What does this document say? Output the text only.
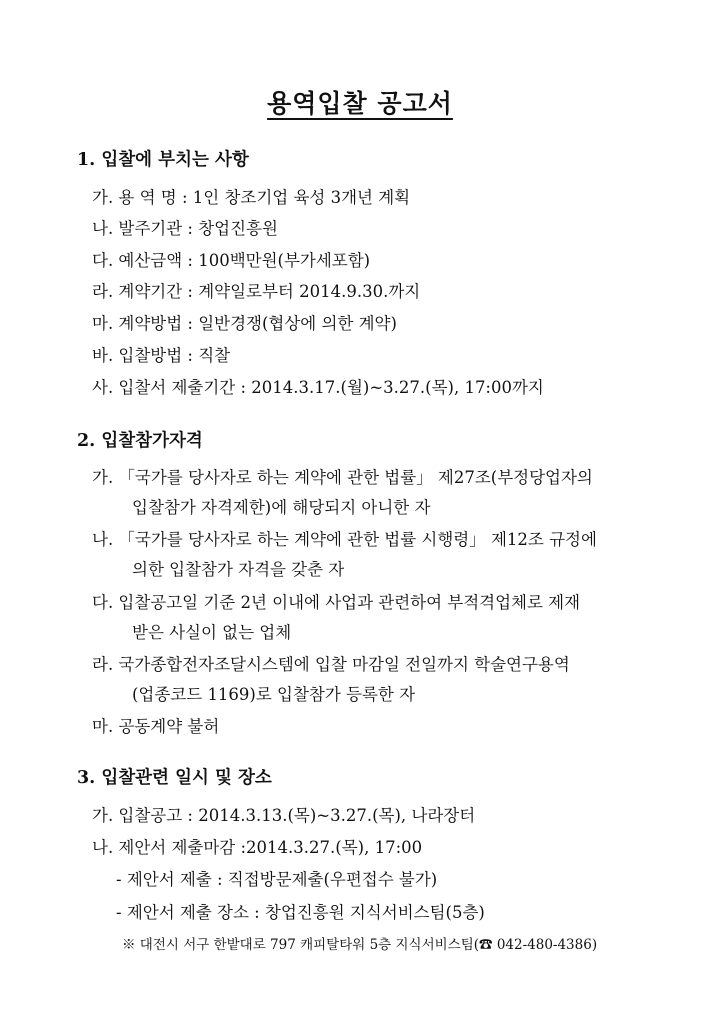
용역입찰 공고서
1. 입찰에 부치는 사항
가. 용 역 명 : 1인 창조기업 육성 3개년 계획
나. 발주기관 : 창업진흥원
다. 예산금액 : 100백만원(부가세포함)
라. 계약기간 : 계약일로부터 2014.9.30.까지
마. 계약방법 : 일반경쟁(협상에 의한 계약)
바. 입찰방법 : 직찰
사. 입찰서 제출기간 : 2014.3.17.(월)~3.27.(목), 17:00까지
2. 입찰참가자격
가. 「국가를 당사자로 하는 계약에 관한 법률」 제27조(부정당업자의
입찰참가 자격제한)에 해당되지 아니한 자
나. 「국가를 당사자로 하는 계약에 관한 법률 시행령」 제12조 규정에
의한 입찰참가 자격을 갖춘 자
다. 입찰공고일 기준 2년 이내에 사업과 관련하여 부적격업체로 제재
받은 사실이 없는 업체
라. 국가종합전자조달시스템에 입찰 마감일 전일까지 학술연구용역
(업종코드 1169)로 입찰참가 등록한 자
마. 공동계약 불허
3. 입찰관련 일시 및 장소
가. 입찰공고 : 2014.3.13.(목)~3.27.(목), 나라장터
나. 제안서 제출마감 :2014.3.27.(목), 17:00
- 제안서 제출 : 직접방문제출(우편접수 불가)
- 제안서 제출 장소 : 창업진흥원 지식서비스팀(5층)
※ 대전시 서구 한밭대로 797 캐피탈타워 5층 지식서비스팀(☎ 042-480-4386)
